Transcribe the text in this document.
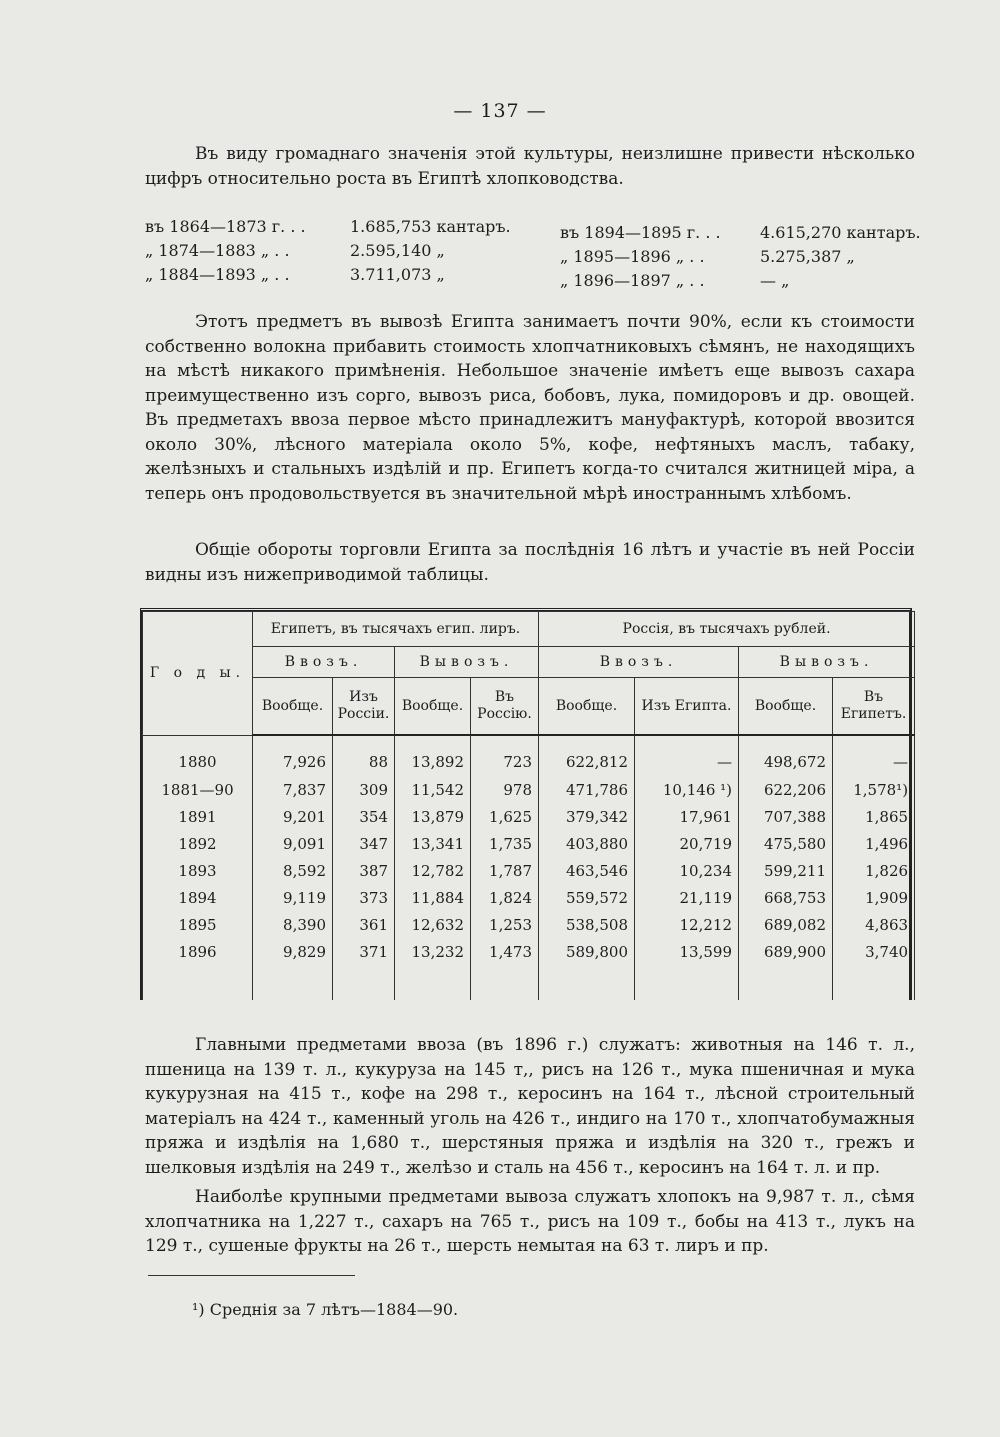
— 137 —

Въ виду громаднаго значенія этой культуры, неизлишне привести нѣсколько цифръ относительно роста въ Египтѣ хлопководства.

въ 1864—1873 г. . .	1.685,753 кантаръ.
„ 1874—1883 „ . .	2.595,140 „
„ 1884—1893 „ . .	3.711,073 „
въ 1894—1895 г. . . 4.615,270 кантаръ.
„ 1895—1896 „ . .	5.275,387 „
„ 1896—1897 „ . .	— „

Этотъ предметъ въ вывозѣ Египта занимаетъ почти 90%, если къ стоимости собственно волокна прибавить стоимость хлопчатниковыхъ сѣмянъ, не находящихъ на мѣстѣ никакого примѣненія. Небольшое значеніе имѣетъ еще вывозъ сахара преимущественно изъ сорго, вывозъ риса, бобовъ, лука, помидоровъ и др. овощей. Въ предметахъ ввоза первое мѣсто принадлежитъ мануфактурѣ, которой ввозится около 30%, лѣсного матеріала около 5%, кофе, нефтяныхъ маслъ, табаку, желѣзныхъ и стальныхъ издѣлій и пр. Египетъ когда-то считался житницей міра, а теперь онъ продовольствуется въ значительной мѣрѣ иностраннымъ хлѣбомъ.

Общіе обороты торговли Египта за послѣднія 16 лѣтъ и участіе въ ней Россіи видны изъ нижеприводимой таблицы.

Г о д ы.	Египетъ, въ тысячахъ егип. лиръ.				Россія, въ тысячахъ рублей.			
	Ввозъ.		Вывозъ.		Ввозъ.		Вывозъ.	
	Вообще.	Изъ Россіи.	Вообще.	Въ Россію.	Вообще.	Изъ Египта.	Вообще.	Въ Египетъ.
1880	7,926	88	13,892	723	622,812	—	498,672	—
1881—90	7,837	309	11,542	978	471,786	10,146 ¹)	622,206	1,578¹)
1891	9,201	354	13,879	1,625	379,342	17,961	707,388	1,865
1892	9,091	347	13,341	1,735	403,880	20,719	475,580	1,496
1893	8,592	387	12,782	1,787	463,546	10,234	599,211	1,826
1894	9,119	373	11,884	1,824	559,572	21,119	668,753	1,909
1895	8,390	361	12,632	1,253	538,508	12,212	689,082	4,863
1896	9,829	371	13,232	1,473	589,800	13,599	689,900	3,740

Главными предметами ввоза (въ 1896 г.) служатъ: животныя на 146 т. л., пшеница на 139 т. л., кукуруза на 145 т,, рисъ на 126 т., мука пшеничная и мука кукурузная на 415 т., кофе на 298 т., керосинъ на 164 т., лѣсной строительный матеріалъ на 424 т., каменный уголь на 426 т., индиго на 170 т., хлопчатобумажныя пряжа и издѣлія на 1,680 т., шерстяныя пряжа и издѣлія на 320 т., грежъ и шелковыя издѣлія на 249 т., желѣзо и сталь на 456 т., керосинъ на 164 т. л. и пр.

Наиболѣе крупными предметами вывоза служатъ хлопокъ на 9,987 т. л., сѣмя хлопчатника на 1,227 т., сахаръ на 765 т., рисъ на 109 т., бобы на 413 т., лукъ на 129 т., сушеные фрукты на 26 т., шерсть немытая на 63 т. лиръ и пр.

¹) Среднія за 7 лѣтъ—1884—90.
